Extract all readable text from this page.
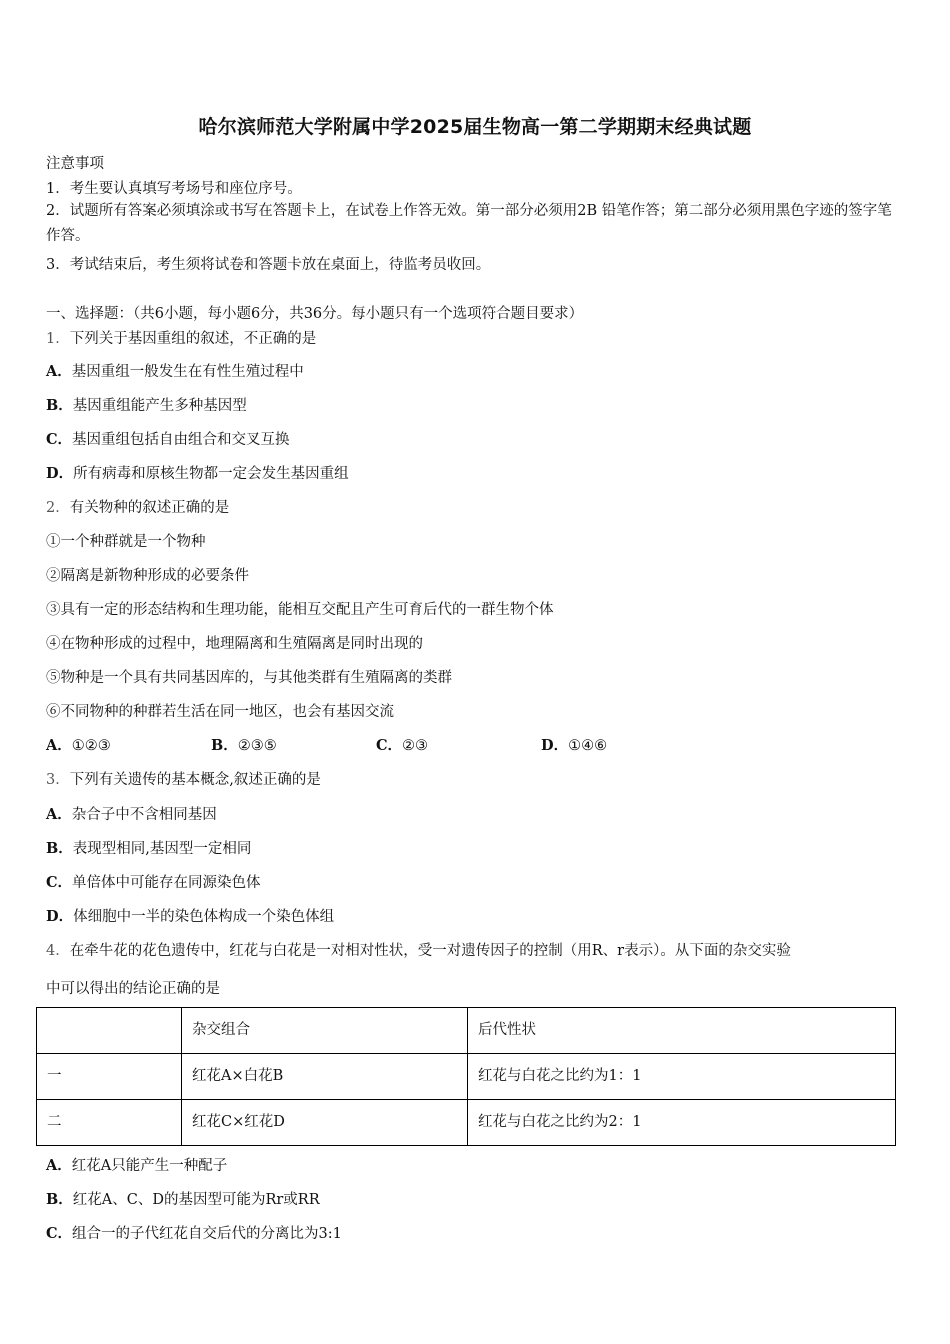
哈尔滨师范大学附属中学2025届生物高一第二学期期末经典试题
注意事项
1．考生要认真填写考场号和座位序号。
2．试题所有答案必须填涂或书写在答题卡上，在试卷上作答无效。第一部分必须用2B 铅笔作答；第二部分必须用黑色字迹的签字笔作答。
3．考试结束后，考生须将试卷和答题卡放在桌面上，待监考员收回。
一、选择题：（共6小题，每小题6分，共36分。每小题只有一个选项符合题目要求）
1．下列关于基因重组的叙述，不正确的是
A．基因重组一般发生在有性生殖过程中
B．基因重组能产生多种基因型
C．基因重组包括自由组合和交叉互换
D．所有病毒和原核生物都一定会发生基因重组
2．有关物种的叙述正确的是
①一个种群就是一个物种
②隔离是新物种形成的必要条件
③具有一定的形态结构和生理功能，能相互交配且产生可育后代的一群生物个体
④在物种形成的过程中，地理隔离和生殖隔离是同时出现的
⑤物种是一个具有共同基因库的，与其他类群有生殖隔离的类群
⑥不同物种的种群若生活在同一地区，也会有基因交流
A．①②③	B．②③⑤	C．②③	D．①④⑥
3．下列有关遗传的基本概念,叙述正确的是
A．杂合子中不含相同基因
B．表现型相同,基因型一定相同
C．单倍体中可能存在同源染色体
D．体细胞中一半的染色体构成一个染色体组
4．在牵牛花的花色遗传中，红花与白花是一对相对性状，受一对遗传因子的控制（用R、r表示）。从下面的杂交实验
中可以得出的结论正确的是
	杂交组合	后代性状
一	红花A×白花B	红花与白花之比约为1：1
二	红花C×红花D	红花与白花之比约为2：1
A．红花A只能产生一种配子
B．红花A、C、D的基因型可能为Rr或RR
C．组合一的子代红花自交后代的分离比为3:1
